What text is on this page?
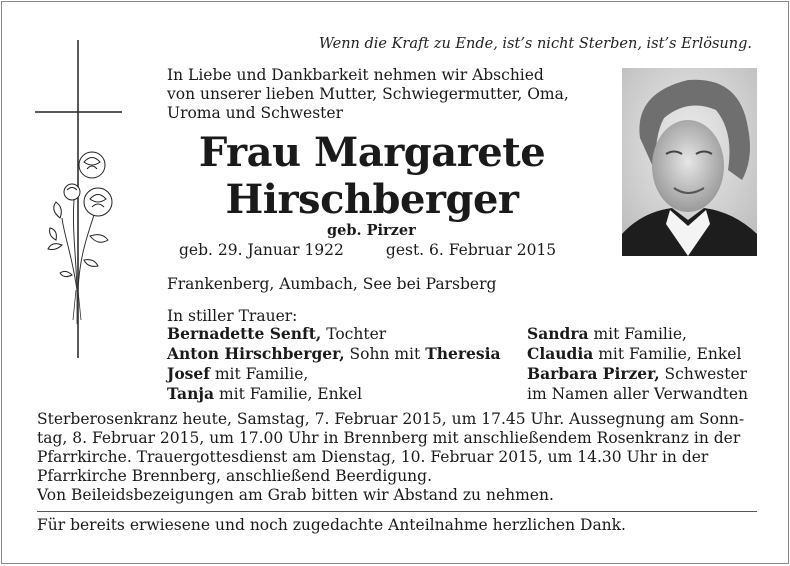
Wenn die Kraft zu Ende, ist’s nicht Sterben, ist’s Erlösung.
In Liebe und Dankbarkeit nehmen wir Abschied
von unserer lieben Mutter, Schwiegermutter, Oma,
Uroma und Schwester
Frau Margarete
Hirschberger
geb. Pirzer
geb. 29. Januar 1922	gest. 6. Februar 2015
Frankenberg, Aumbach, See bei Parsberg
In stiller Trauer:
Bernadette Senft, Tochter
Anton Hirschberger, Sohn mit Theresia
Josef mit Familie,
Tanja mit Familie, Enkel
Sandra mit Familie,
Claudia mit Familie, Enkel
Barbara Pirzer, Schwester
im Namen aller Verwandten
Sterberosenkranz heute, Samstag, 7. Februar 2015, um 17.45 Uhr. Aussegnung am Sonn-
tag, 8. Februar 2015, um 17.00 Uhr in Brennberg mit anschließendem Rosenkranz in der
Pfarrkirche. Trauergottesdienst am Dienstag, 10. Februar 2015, um 14.30 Uhr in der
Pfarrkirche Brennberg, anschließend Beerdigung.
Von Beileidsbezeigungen am Grab bitten wir Abstand zu nehmen.
Für bereits erwiesene und noch zugedachte Anteilnahme herzlichen Dank.
